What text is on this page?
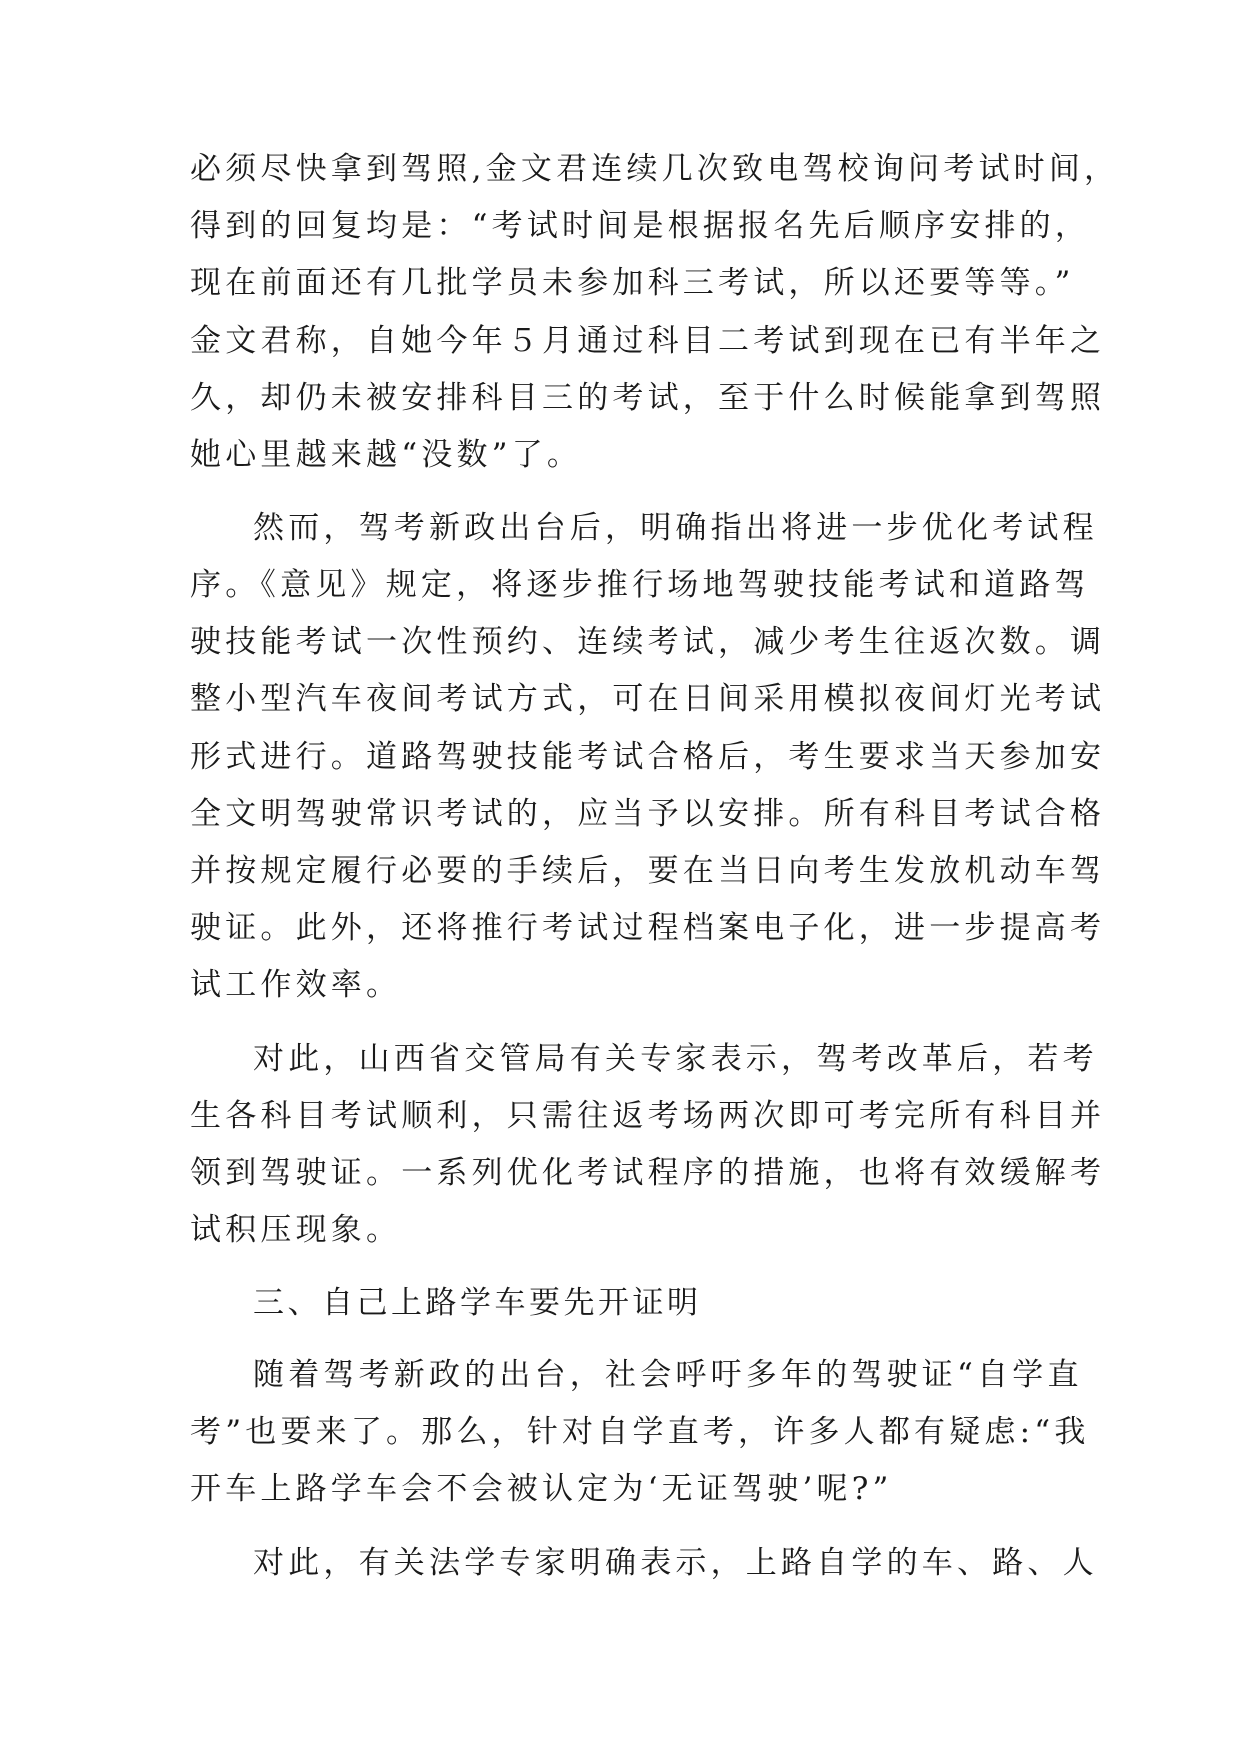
必须尽快拿到驾照,金文君连续几次致电驾校询问考试时间，
得到的回复均是：“考试时间是根据报名先后顺序安排的，
现在前面还有几批学员未参加科三考试，所以还要等等。”
金文君称，自她今年５月通过科目二考试到现在已有半年之
久，却仍未被安排科目三的考试，至于什么时候能拿到驾照
她心里越来越“没数”了。
然而，驾考新政出台后，明确指出将进一步优化考试程
序。《意见》规定，将逐步推行场地驾驶技能考试和道路驾
驶技能考试一次性预约、连续考试，减少考生往返次数。调
整小型汽车夜间考试方式，可在日间采用模拟夜间灯光考试
形式进行。道路驾驶技能考试合格后，考生要求当天参加安
全文明驾驶常识考试的，应当予以安排。所有科目考试合格
并按规定履行必要的手续后，要在当日向考生发放机动车驾
驶证。此外，还将推行考试过程档案电子化，进一步提高考
试工作效率。
对此，山西省交管局有关专家表示，驾考改革后，若考
生各科目考试顺利，只需往返考场两次即可考完所有科目并
领到驾驶证。一系列优化考试程序的措施，也将有效缓解考
试积压现象。
三、自己上路学车要先开证明
随着驾考新政的出台，社会呼吁多年的驾驶证“自学直
考”也要来了。那么，针对自学直考，许多人都有疑虑:“我
开车上路学车会不会被认定为‘无证驾驶’呢?”
对此，有关法学专家明确表示，上路自学的车、路、人
